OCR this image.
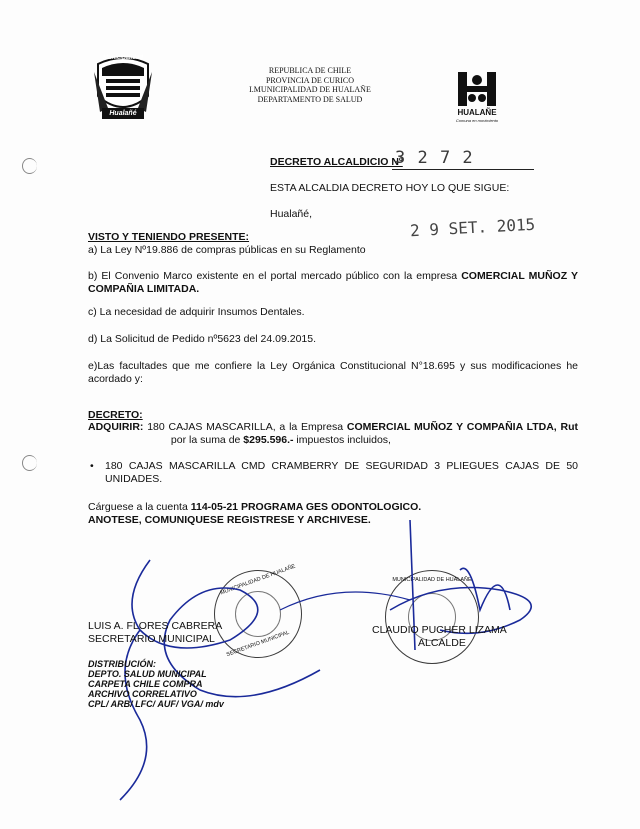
Municipalidad
Hualañé
REPUBLICA DE CHILE
PROVINCIA DE CURICO
I.MUNICIPALIDAD DE HUALAÑE
DEPARTAMENTO DE SALUD
HUALAÑE
Comuna en movimiento
DECRETO ALCALDICIO Nº
3 2 7 2
ESTA ALCALDIA DECRETO HOY LO QUE SIGUE:
Hualañé,
2 9 SET. 2015
VISTO Y TENIENDO PRESENTE:
a) La Ley Nº19.886 de compras públicas en su Reglamento
b) El Convenio Marco existente en el portal mercado público con la empresa COMERCIAL MUÑOZ Y COMPAÑIA LIMITADA.
c) La necesidad de adquirir Insumos Dentales.
d) La Solicitud de Pedido nº5623 del 24.09.2015.
e)Las facultades que me confiere la Ley Orgánica Constitucional N°18.695 y sus modificaciones he acordado y:
DECRETO:
ADQUIRIR: 180 CAJAS MASCARILLA, a la Empresa COMERCIAL MUÑOZ Y COMPAÑIA LTDA, Rut  por la suma de $295.596.- impuestos incluidos,
• 180 CAJAS MASCARILLA CMD CRAMBERRY DE SEGURIDAD 3 PLIEGUES CAJAS DE 50 UNIDADES.
Cárguese a la cuenta 114-05-21 PROGRAMA GES ODONTOLOGICO.
ANOTESE, COMUNIQUESE REGISTRESE Y ARCHIVESE.
MUNICIPALIDAD DE HUALAÑE
SECRETARIO MUNICIPAL
MUNICIPALIDAD DE HUALAÑE
LUIS A. FLORES CABRERA
SECRETARIO MUNICIPAL
CLAUDIO PUCHER LIZAMA
ALCALDE
DISTRIBUCIÓN:
DEPTO. SALUD MUNICIPAL
CARPETA CHILE COMPRA
ARCHIVO CORRELATIVO
CPL/ ARB/ LFC/ AUF/ VGA/ mdv
